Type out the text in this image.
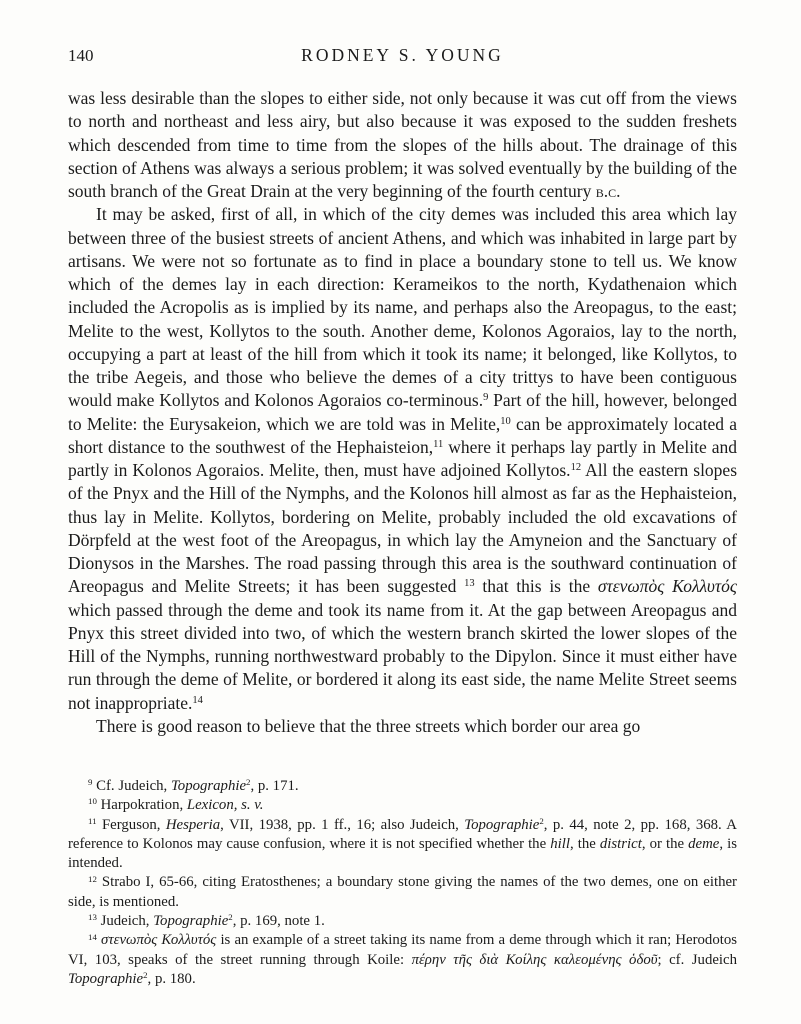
140	RODNEY S. YOUNG

was less desirable than the slopes to either side, not only because it was cut off from the views to north and northeast and less airy, but also because it was exposed to the sudden freshets which descended from time to time from the slopes of the hills about. The drainage of this section of Athens was always a serious problem; it was solved eventually by the building of the south branch of the Great Drain at the very beginning of the fourth century b.c.

It may be asked, first of all, in which of the city demes was included this area which lay between three of the busiest streets of ancient Athens, and which was inhabited in large part by artisans. We were not so fortunate as to find in place a boundary stone to tell us. We know which of the demes lay in each direction: Kerameikos to the north, Kydathenaion which included the Acropolis as is implied by its name, and perhaps also the Areopagus, to the east; Melite to the west, Kollytos to the south. Another deme, Kolonos Agoraios, lay to the north, occupying a part at least of the hill from which it took its name; it belonged, like Kollytos, to the tribe Aegeis, and those who believe the demes of a city trittys to have been contiguous would make Kollytos and Kolonos Agoraios co-terminous.$^9$ Part of the hill, however, belonged to Melite: the Eurysakeion, which we are told was in Melite,$^{10}$ can be approximately located a short distance to the southwest of the Hephaisteion,$^{11}$ where it perhaps lay partly in Melite and partly in Kolonos Agoraios. Melite, then, must have adjoined Kollytos.$^{12}$ All the eastern slopes of the Pnyx and the Hill of the Nymphs, and the Kolonos hill almost as far as the Hephaisteion, thus lay in Melite. Kollytos, bordering on Melite, probably included the old excavations of Dörpfeld at the west foot of the Areopagus, in which lay the Amyneion and the Sanctuary of Dionysos in the Marshes. The road passing through this area is the southward continuation of Areopagus and Melite Streets; it has been suggested $^{13}$ that this is the στενωπὸς Κολλυτός which passed through the deme and took its name from it. At the gap between Areopagus and Pnyx this street divided into two, of which the western branch skirted the lower slopes of the Hill of the Nymphs, running northwestward probably to the Dipylon. Since it must either have run through the deme of Melite, or bordered it along its east side, the name Melite Street seems not inappropriate.$^{14}$

There is good reason to believe that the three streets which border our area go

$^9$ Cf. Judeich, Topographie$^2$, p. 171.

$^{10}$ Harpokration, Lexicon, s. v.

$^{11}$ Ferguson, Hesperia, VII, 1938, pp. 1 ff., 16; also Judeich, Topographie$^2$, p. 44, note 2, pp. 168, 368. A reference to Kolonos may cause confusion, where it is not specified whether the hill, the district, or the deme, is intended.

$^{12}$ Strabo I, 65-66, citing Eratosthenes; a boundary stone giving the names of the two demes, one on either side, is mentioned.

$^{13}$ Judeich, Topographie$^2$, p. 169, note 1.

$^{14}$ στενωπὸς Κολλυτός is an example of a street taking its name from a deme through which it ran; Herodotos VI, 103, speaks of the street running through Koile: πέρην τῆς διὰ Κοίλης καλεομένης ὁδοῦ; cf. Judeich Topographie$^2$, p. 180.
